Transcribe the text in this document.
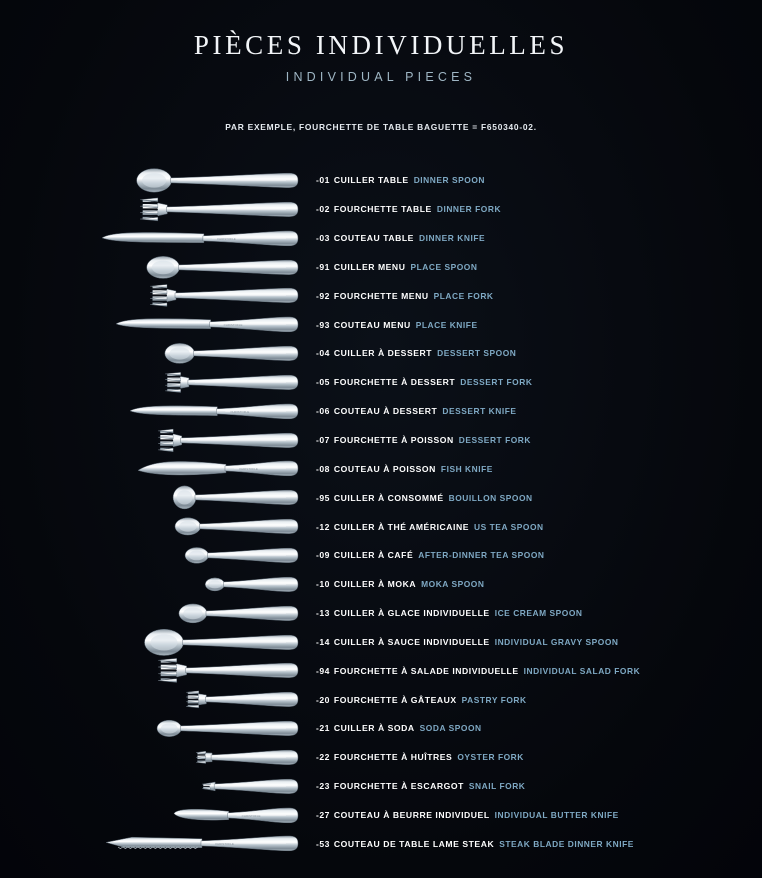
PIÈCES INDIVIDUELLES
INDIVIDUAL PIECES
PAR EXEMPLE, FOURCHETTE DE TABLE BAGUETTE = F650340-02.
-01 CUILLER TABLE DINNER SPOON
-02 FOURCHETTE TABLE DINNER FORK
CHRISTOFLE	-03 COUTEAU TABLE DINNER KNIFE
-91 CUILLER MENU PLACE SPOON
-92 FOURCHETTE MENU PLACE FORK
CHRISTOFLE	-93 COUTEAU MENU PLACE KNIFE
-04 CUILLER À DESSERT DESSERT SPOON
-05 FOURCHETTE À DESSERT DESSERT FORK
CHRISTOFLE	-06 COUTEAU À DESSERT DESSERT KNIFE
-07 FOURCHETTE À POISSON DESSERT FORK
CHRISTOFLE	-08 COUTEAU À POISSON FISH KNIFE
-95 CUILLER À CONSOMMÉ BOUILLON SPOON
-12 CUILLER À THÉ AMÉRICAINE US TEA SPOON
-09 CUILLER À CAFÉ AFTER-DINNER TEA SPOON
-10 CUILLER À MOKA MOKA SPOON
-13 CUILLER À GLACE INDIVIDUELLE ICE CREAM SPOON
-14 CUILLER À SAUCE INDIVIDUELLE INDIVIDUAL GRAVY SPOON
-94 FOURCHETTE À SALADE INDIVIDUELLE INDIVIDUAL SALAD FORK
-20 FOURCHETTE À GÂTEAUX PASTRY FORK
-21 CUILLER À SODA SODA SPOON
-22 FOURCHETTE À HUÎTRES OYSTER FORK
-23 FOURCHETTE À ESCARGOT SNAIL FORK
CHRISTOFLE	-27 COUTEAU À BEURRE INDIVIDUEL INDIVIDUAL BUTTER KNIFE
CHRISTOFLE	-53 COUTEAU DE TABLE LAME STEAK STEAK BLADE DINNER KNIFE
